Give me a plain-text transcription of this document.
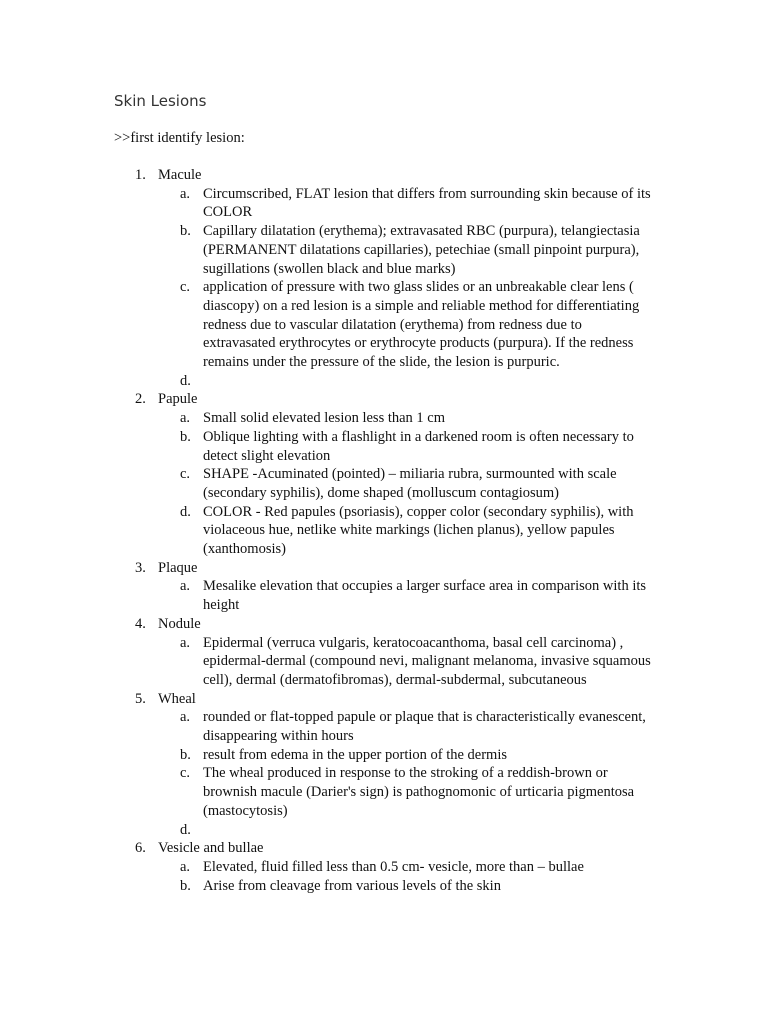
Skin Lesions
>>first identify lesion:
1. Macule
a. Circumscribed, FLAT lesion that differs from surrounding skin because of its COLOR
b. Capillary dilatation (erythema); extravasated RBC (purpura), telangiectasia (PERMANENT dilatations capillaries), petechiae (small pinpoint purpura), sugillations (swollen black and blue marks)
c. application of pressure with two glass slides or an unbreakable clear lens ( diascopy) on a red lesion is a simple and reliable method for differentiating redness due to vascular dilatation (erythema) from redness due to extravasated erythrocytes or erythrocyte products (purpura). If the redness remains under the pressure of the slide, the lesion is purpuric.
d.

2. Papule
a. Small solid elevated lesion less than 1 cm
b. Oblique lighting with a flashlight in a darkened room is often necessary to detect slight elevation
c. SHAPE -Acuminated (pointed) – miliaria rubra, surmounted with scale (secondary syphilis), dome shaped (molluscum contagiosum)
d. COLOR - Red papules (psoriasis), copper color (secondary syphilis), with violaceous hue, netlike white markings (lichen planus), yellow papules (xanthomosis)
3. Plaque
a. Mesalike elevation that occupies a larger surface area in comparison with its height
4. Nodule
a. Epidermal (verruca vulgaris, keratocoacanthoma, basal cell carcinoma) , epidermal-dermal (compound nevi, malignant melanoma, invasive squamous cell), dermal (dermatofibromas), dermal-subdermal, subcutaneous
5. Wheal
a. rounded or flat-topped papule or plaque that is characteristically evanescent, disappearing within hours
b. result from edema in the upper portion of the dermis
c. The wheal produced in response to the stroking of a reddish-brown or brownish macule (Darier's sign) is pathognomonic of urticaria pigmentosa (mastocytosis)
d.

6. Vesicle and bullae
a. Elevated, fluid filled less than 0.5 cm- vesicle, more than – bullae
b. Arise from cleavage from various levels of the skin
